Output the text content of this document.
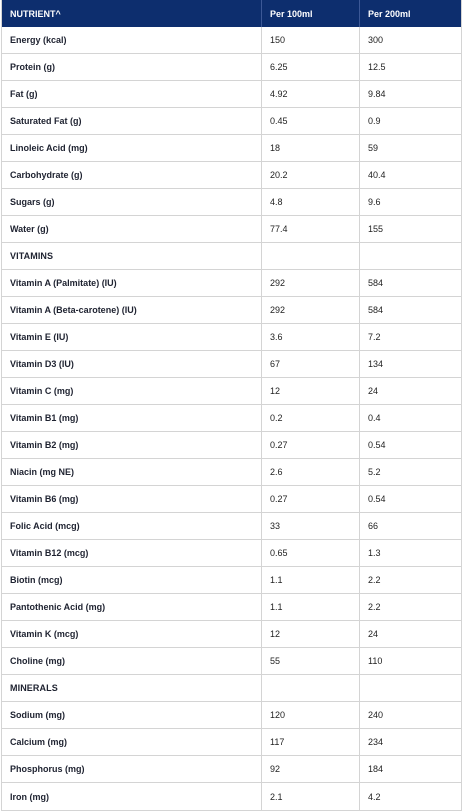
NUTRIENT^	Per 100ml	Per 200ml
Energy (kcal)	150	300
Protein (g)	6.25	12.5
Fat (g)	4.92	9.84
Saturated Fat (g)	0.45	0.9
Linoleic Acid (mg)	18	59
Carbohydrate (g)	20.2	40.4
Sugars (g)	4.8	9.6
Water (g)	77.4	155
VITAMINS
Vitamin A (Palmitate) (IU)	292	584
Vitamin A (Beta-carotene) (IU)	292	584
Vitamin E (IU)	3.6	7.2
Vitamin D3 (IU)	67	134
Vitamin C (mg)	12	24
Vitamin B1 (mg)	0.2	0.4
Vitamin B2 (mg)	0.27	0.54
Niacin (mg NE)	2.6	5.2
Vitamin B6 (mg)	0.27	0.54
Folic Acid (mcg)	33	66
Vitamin B12 (mcg)	0.65	1.3
Biotin (mcg)	1.1	2.2
Pantothenic Acid (mg)	1.1	2.2
Vitamin K (mcg)	12	24
Choline (mg)	55	110
MINERALS
Sodium (mg)	120	240
Calcium (mg)	117	234
Phosphorus (mg)	92	184
Iron (mg)	2.1	4.2
